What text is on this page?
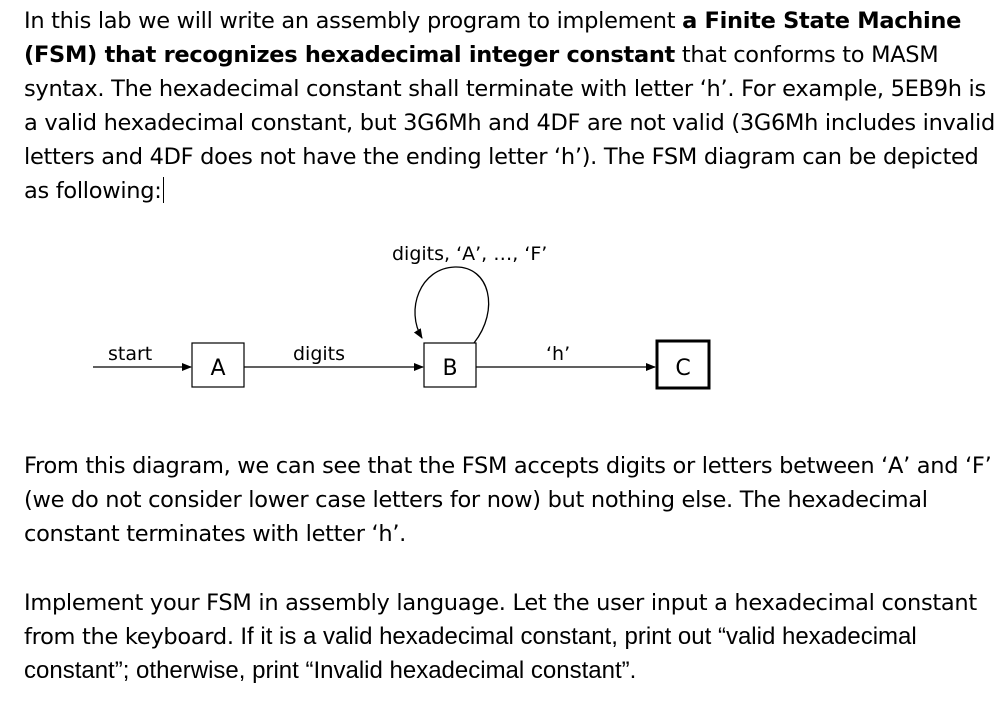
In this lab we will write an assembly program to implement a Finite State Machine (FSM) that recognizes hexadecimal integer constant that conforms to MASM syntax. The hexadecimal constant shall terminate with letter ‘h’. For example, 5EB9h is a valid hexadecimal constant, but 3G6Mh and 4DF are not valid (3G6Mh includes invalid letters and 4DF does not have the ending letter ‘h’). The FSM diagram can be depicted as following:

start
A
digits
B
digits, ‘A’, …, ‘F’
‘h’
C

From this diagram, we can see that the FSM accepts digits or letters between ‘A’ and ‘F’ (we do not consider lower case letters for now) but nothing else. The hexadecimal constant terminates with letter ‘h’.

Implement your FSM in assembly language. Let the user input a hexadecimal constant from the keyboard. If it is a valid hexadecimal constant, print out “valid hexadecimal constant”; otherwise, print “Invalid hexadecimal constant”.
